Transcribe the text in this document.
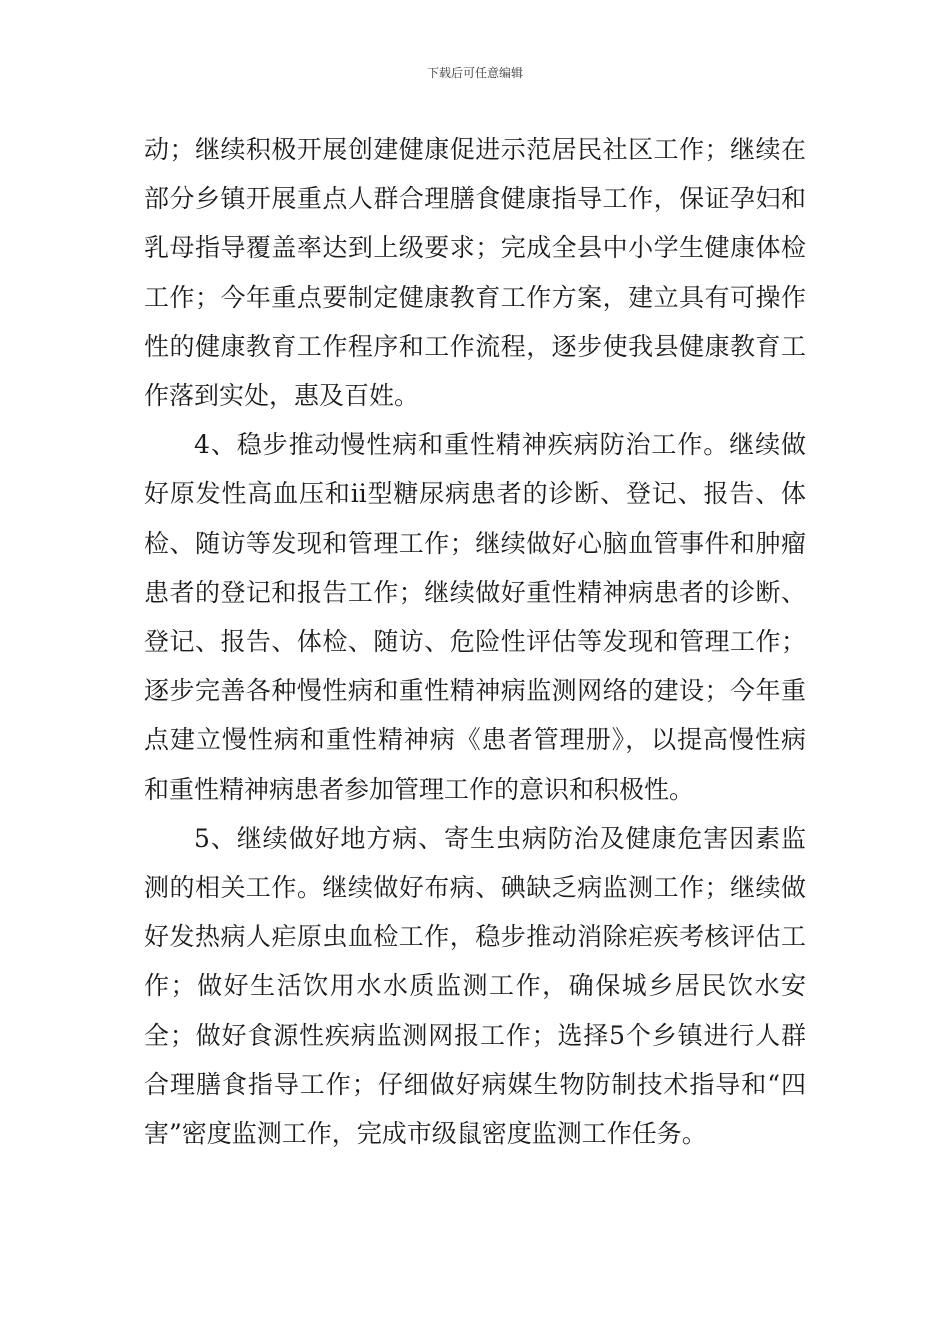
下载后可任意编辑

动；继续积极开展创建健康促进示范居民社区工作；继续在部分乡镇开展重点人群合理膳食健康指导工作，保证孕妇和乳母指导覆盖率达到上级要求；完成全县中小学生健康体检工作；今年重点要制定健康教育工作方案，建立具有可操作性的健康教育工作程序和工作流程，逐步使我县健康教育工作落到实处，惠及百姓。

4、稳步推动慢性病和重性精神疾病防治工作。继续做好原发性高血压和ii型糖尿病患者的诊断、登记、报告、体检、随访等发现和管理工作；继续做好心脑血管事件和肿瘤患者的登记和报告工作；继续做好重性精神病患者的诊断、登记、报告、体检、随访、危险性评估等发现和管理工作；逐步完善各种慢性病和重性精神病监测网络的建设；今年重点建立慢性病和重性精神病《患者管理册》，以提高慢性病和重性精神病患者参加管理工作的意识和积极性。

5、继续做好地方病、寄生虫病防治及健康危害因素监测的相关工作。继续做好布病、碘缺乏病监测工作；继续做好发热病人疟原虫血检工作，稳步推动消除疟疾考核评估工作；做好生活饮用水水质监测工作，确保城乡居民饮水安全；做好食源性疾病监测网报工作；选择5个乡镇进行人群合理膳食指导工作；仔细做好病媒生物防制技术指导和“四害”密度监测工作，完成市级鼠密度监测工作任务。
